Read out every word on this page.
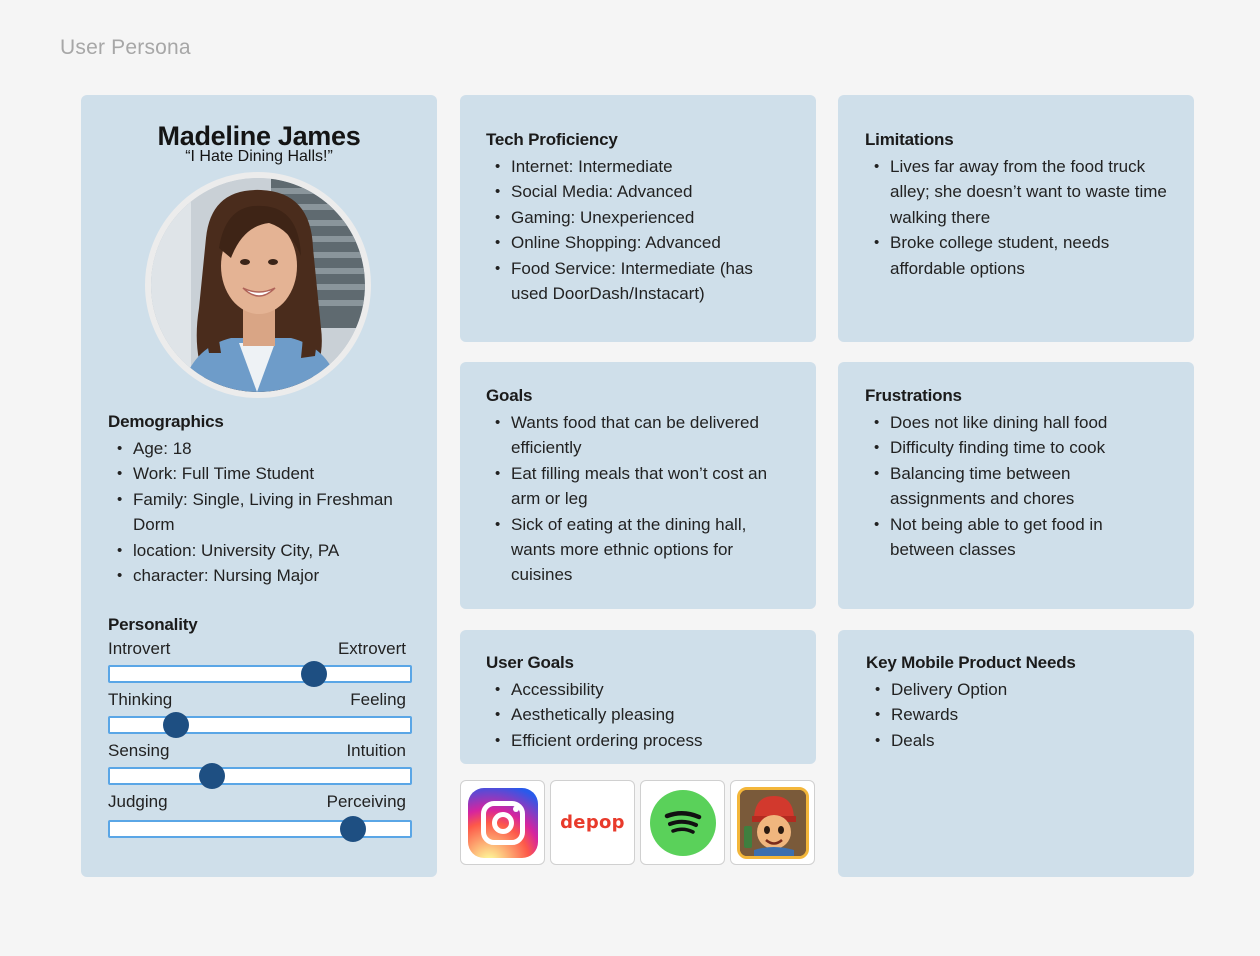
User Persona
Madeline James
“I Hate Dining Halls!”
Demographics
• Age: 18
• Work: Full Time Student
• Family: Single, Living in Freshman Dorm
• location: University City, PA
• character: Nursing Major
Personality
Introvert	Extrovert
Thinking	Feeling
Sensing	Intuition
Judging	Perceiving
Tech Proficiency
• Internet: Intermediate
• Social Media: Advanced
• Gaming: Unexperienced
• Online Shopping: Advanced
• Food Service: Intermediate (has used DoorDash/Instacart)
Limitations
• Lives far away from the food truck alley; she doesn’t want to waste time walking there
• Broke college student, needs affordable options
Goals
• Wants food that can be delivered efficiently
• Eat filling meals that won’t cost an arm or leg
• Sick of eating at the dining hall, wants more ethnic options for cuisines
Frustrations
• Does not like dining hall food
• Difficulty finding time to cook
• Balancing time between assignments and chores
• Not being able to get food in between classes
User Goals
• Accessibility
• Aesthetically pleasing
• Efficient ordering process
Key Mobile Product Needs
• Delivery Option
• Rewards
• Deals
depop
